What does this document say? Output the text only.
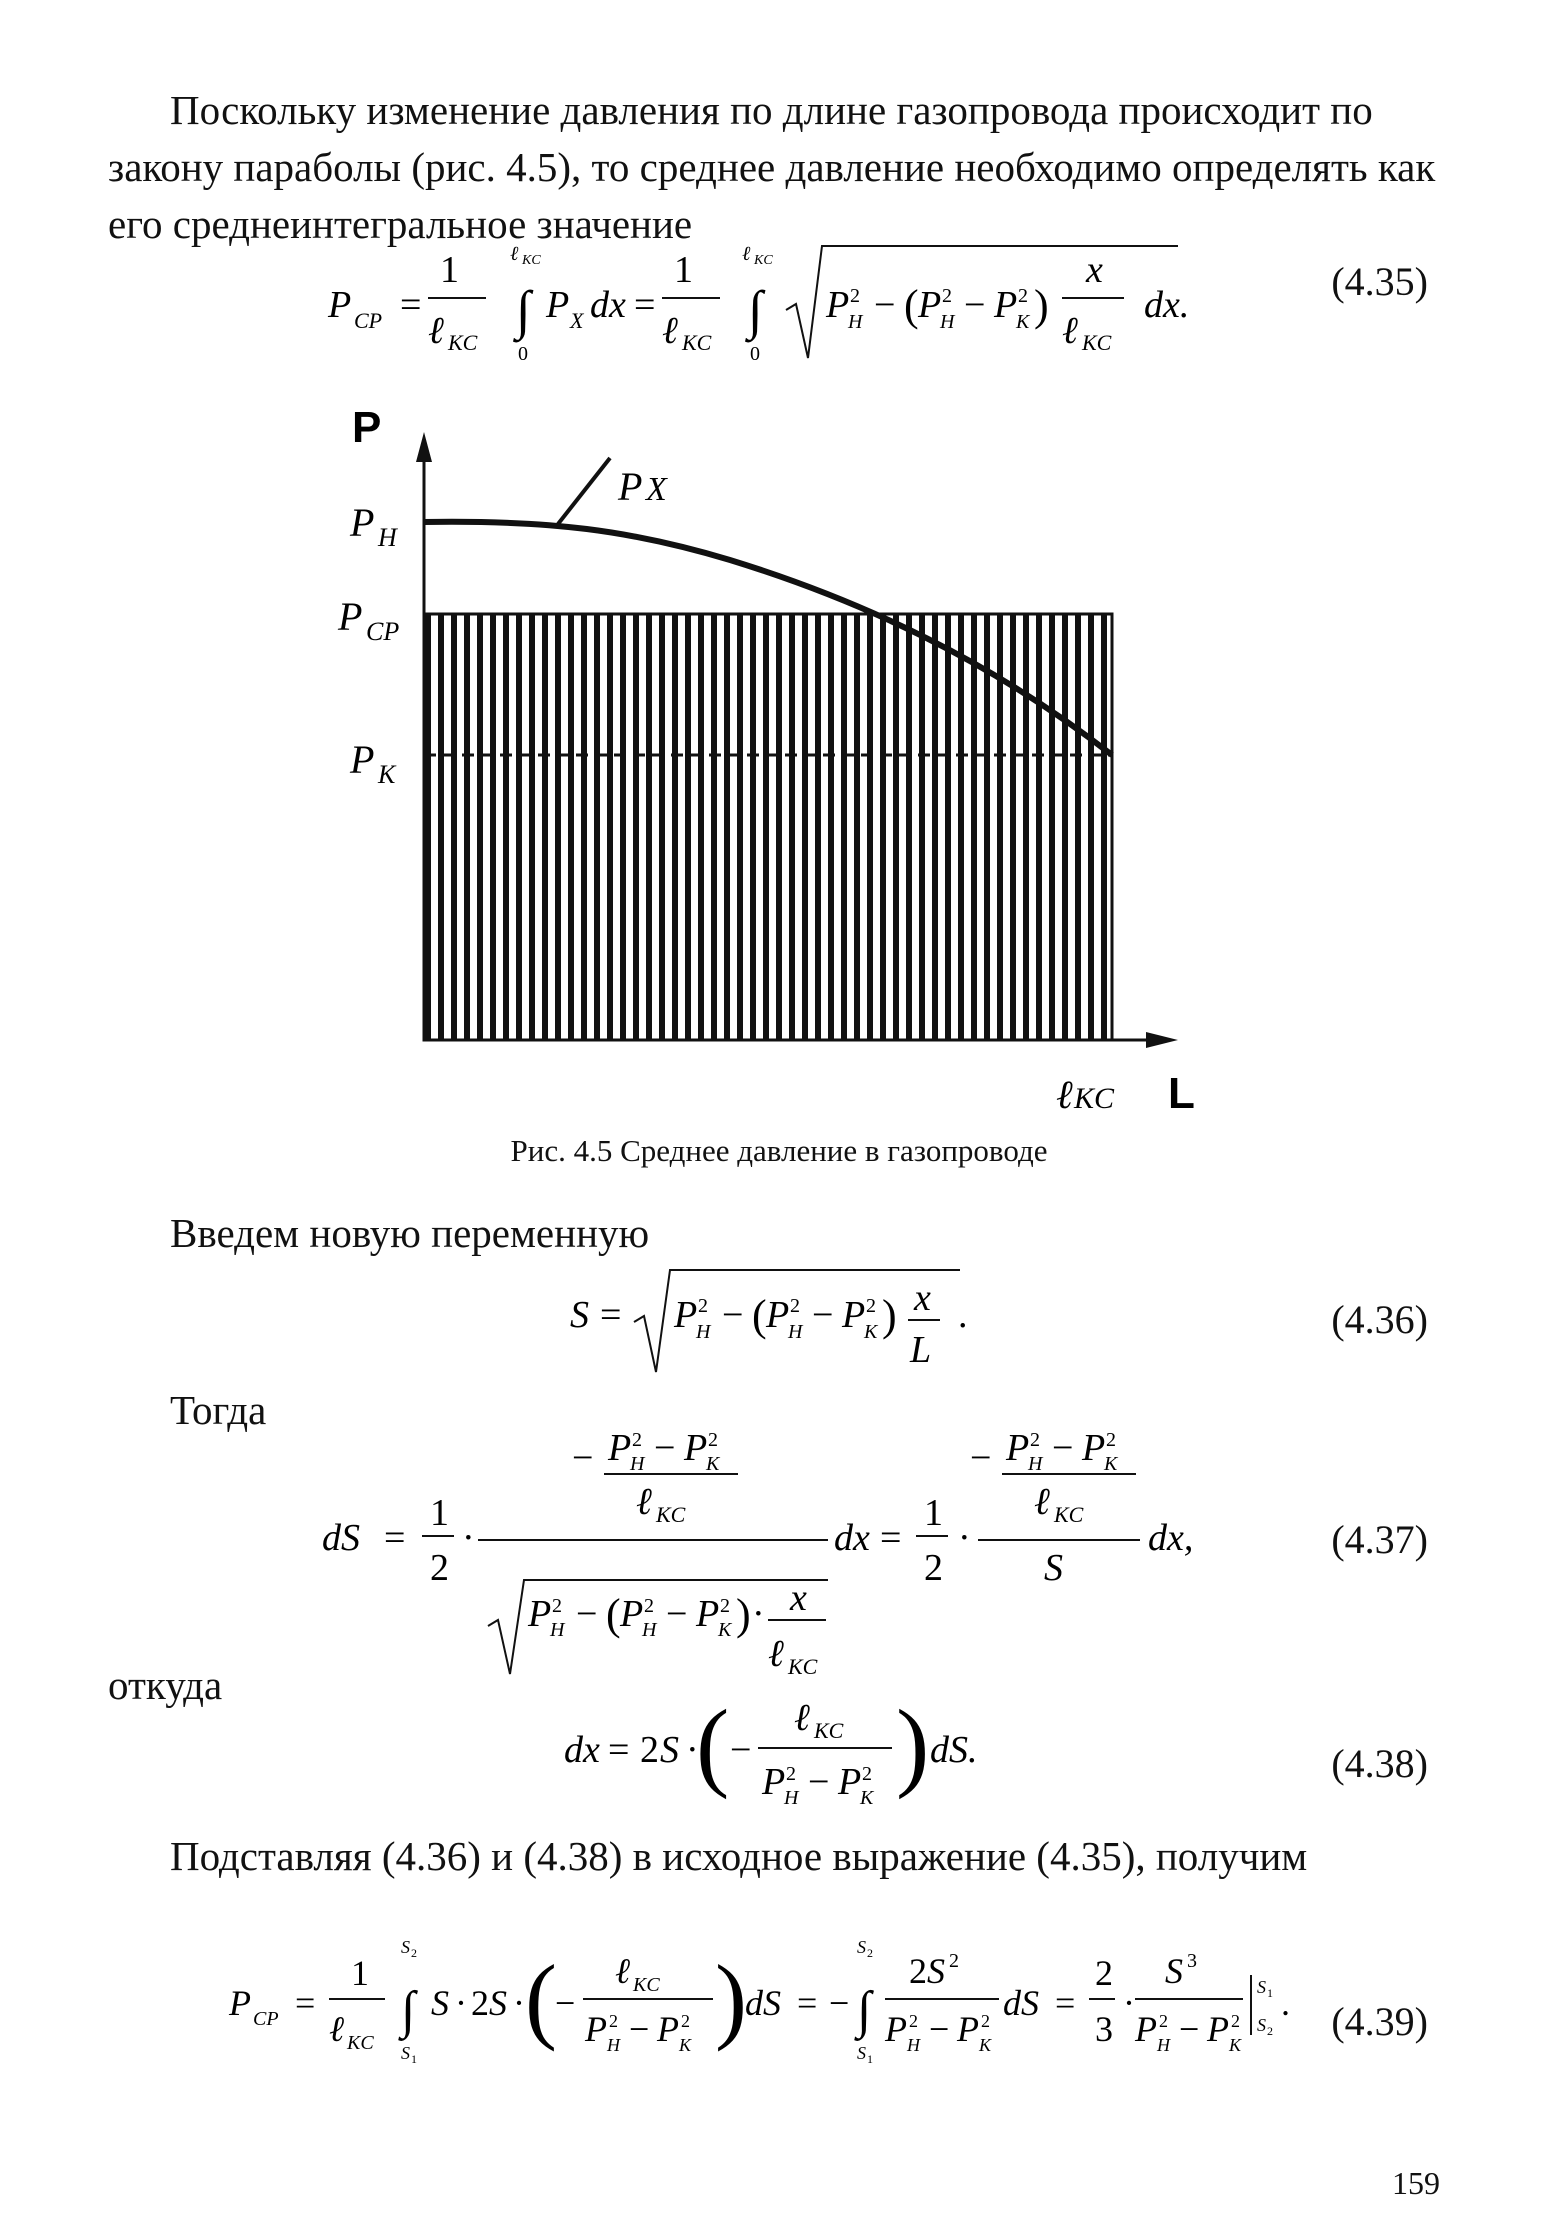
Поскольку изменение давления по длине газопровода происходит по закону параболы (рис. 4.5), то среднее давление необходимо определять как его среднеинтегральное значение

P CP =
1
ℓ KC
ℓ KC
∫
0
P X dx =
1
ℓ KC
ℓ KC
∫
0
P 2
H − ( P 2
H − P 2
K )
x
ℓ KC
dx.
(4.35)
P
L
P H
P CP
P K
P X
ℓ KC
Рис. 4.5 Среднее давление в газопроводе
Введем новую переменную
S = P 2
H − ( P 2
H − P 2
K ) x
L
.	(4.36)
Тогда
dS =
1
2
·
− P 2
H − P 2
K
ℓ KC
P 2
H − ( P 2
H − P 2
K ) · x
ℓ KC
dx =
1
2
·
− P 2
H − P 2
K
ℓ KC
S
dx,	(4.37)
откуда
dx = 2 S ·
( −
ℓ KC
P 2
H − P 2
K ) dS.	(4.38)

Подставляя (4.36) и (4.38) в исходное выражение (4.35), получим

P CP =
1
ℓ KC
S 2
∫
S 1
S · 2 S · (
−
ℓ KC
P 2
H − P 2
K )
dS = −
S 2
∫
S 1
2 S 2
P 2
H − P 2
K
dS =
2
3
·
S 3
P 2
H − P 2
K
S 1
S 2
. (4.39)
159
